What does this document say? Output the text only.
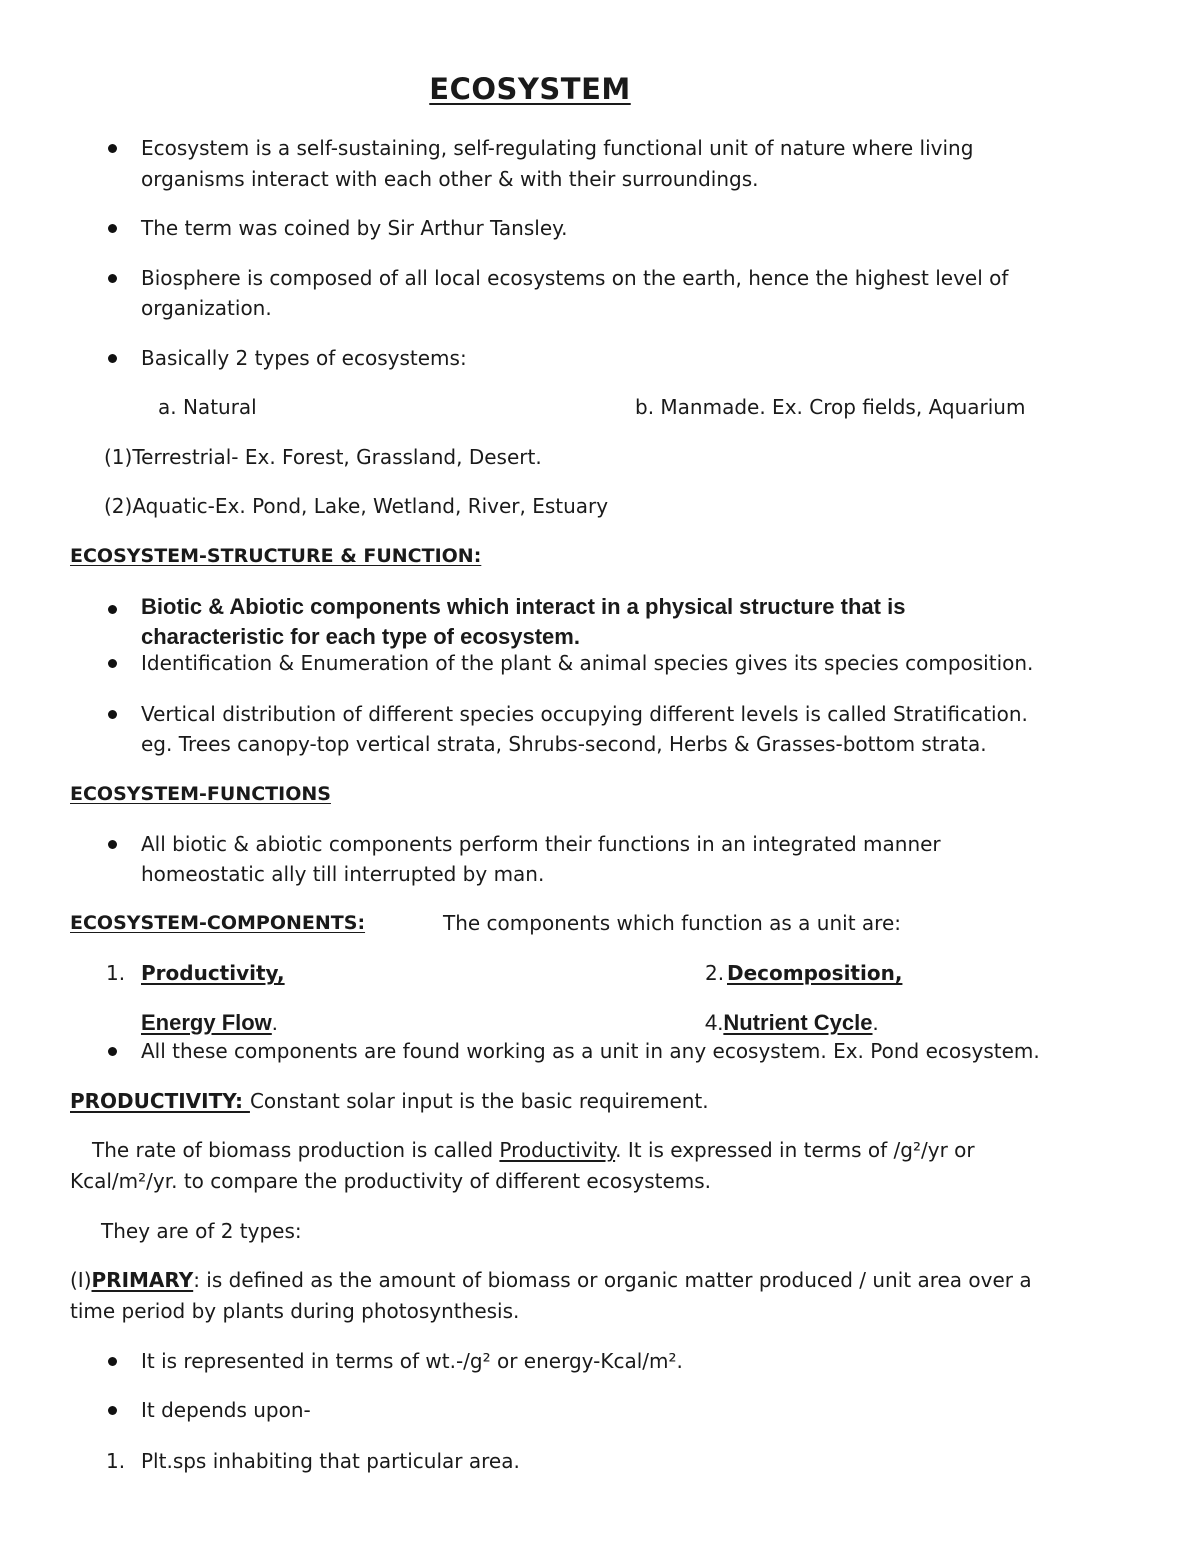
ECOSYSTEM
Ecosystem is a self-sustaining, self-regulating functional unit of nature where living
organisms interact with each other & with their surroundings.
The term was coined by Sir Arthur Tansley.
Biosphere is composed of all local ecosystems on the earth, hence the highest level of
organization.
Basically 2 types of ecosystems:
a. Natural	b. Manmade. Ex. Crop fields, Aquarium
(1)Terrestrial- Ex. Forest, Grassland, Desert.
(2)Aquatic-Ex. Pond, Lake, Wetland, River, Estuary
ECOSYSTEM-STRUCTURE & FUNCTION:
Biotic & Abiotic components which interact in a physical structure that is
characteristic for each type of ecosystem.
Identification & Enumeration of the plant & animal species gives its species composition.
Vertical distribution of different species occupying different levels is called Stratification.
eg. Trees canopy-top vertical strata, Shrubs-second, Herbs & Grasses-bottom strata.
ECOSYSTEM-FUNCTIONS
All biotic & abiotic components perform their functions in an integrated manner
homeostatic ally till interrupted by man.
ECOSYSTEM-COMPONENTS:	The components which function as a unit are:
1. Productivity,	2. Decomposition,
Energy Flow.	4.Nutrient Cycle.
All these components are found working as a unit in any ecosystem. Ex. Pond ecosystem.
PRODUCTIVITY: Constant solar input is the basic requirement.
The rate of biomass production is called Productivity. It is expressed in terms of /g²/yr or
Kcal/m²/yr. to compare the productivity of different ecosystems.
They are of 2 types:
(I)PRIMARY: is defined as the amount of biomass or organic matter produced / unit area over a
time period by plants during photosynthesis.
It is represented in terms of wt.-/g² or energy-Kcal/m².
It depends upon-
1. Plt.sps inhabiting that particular area.
